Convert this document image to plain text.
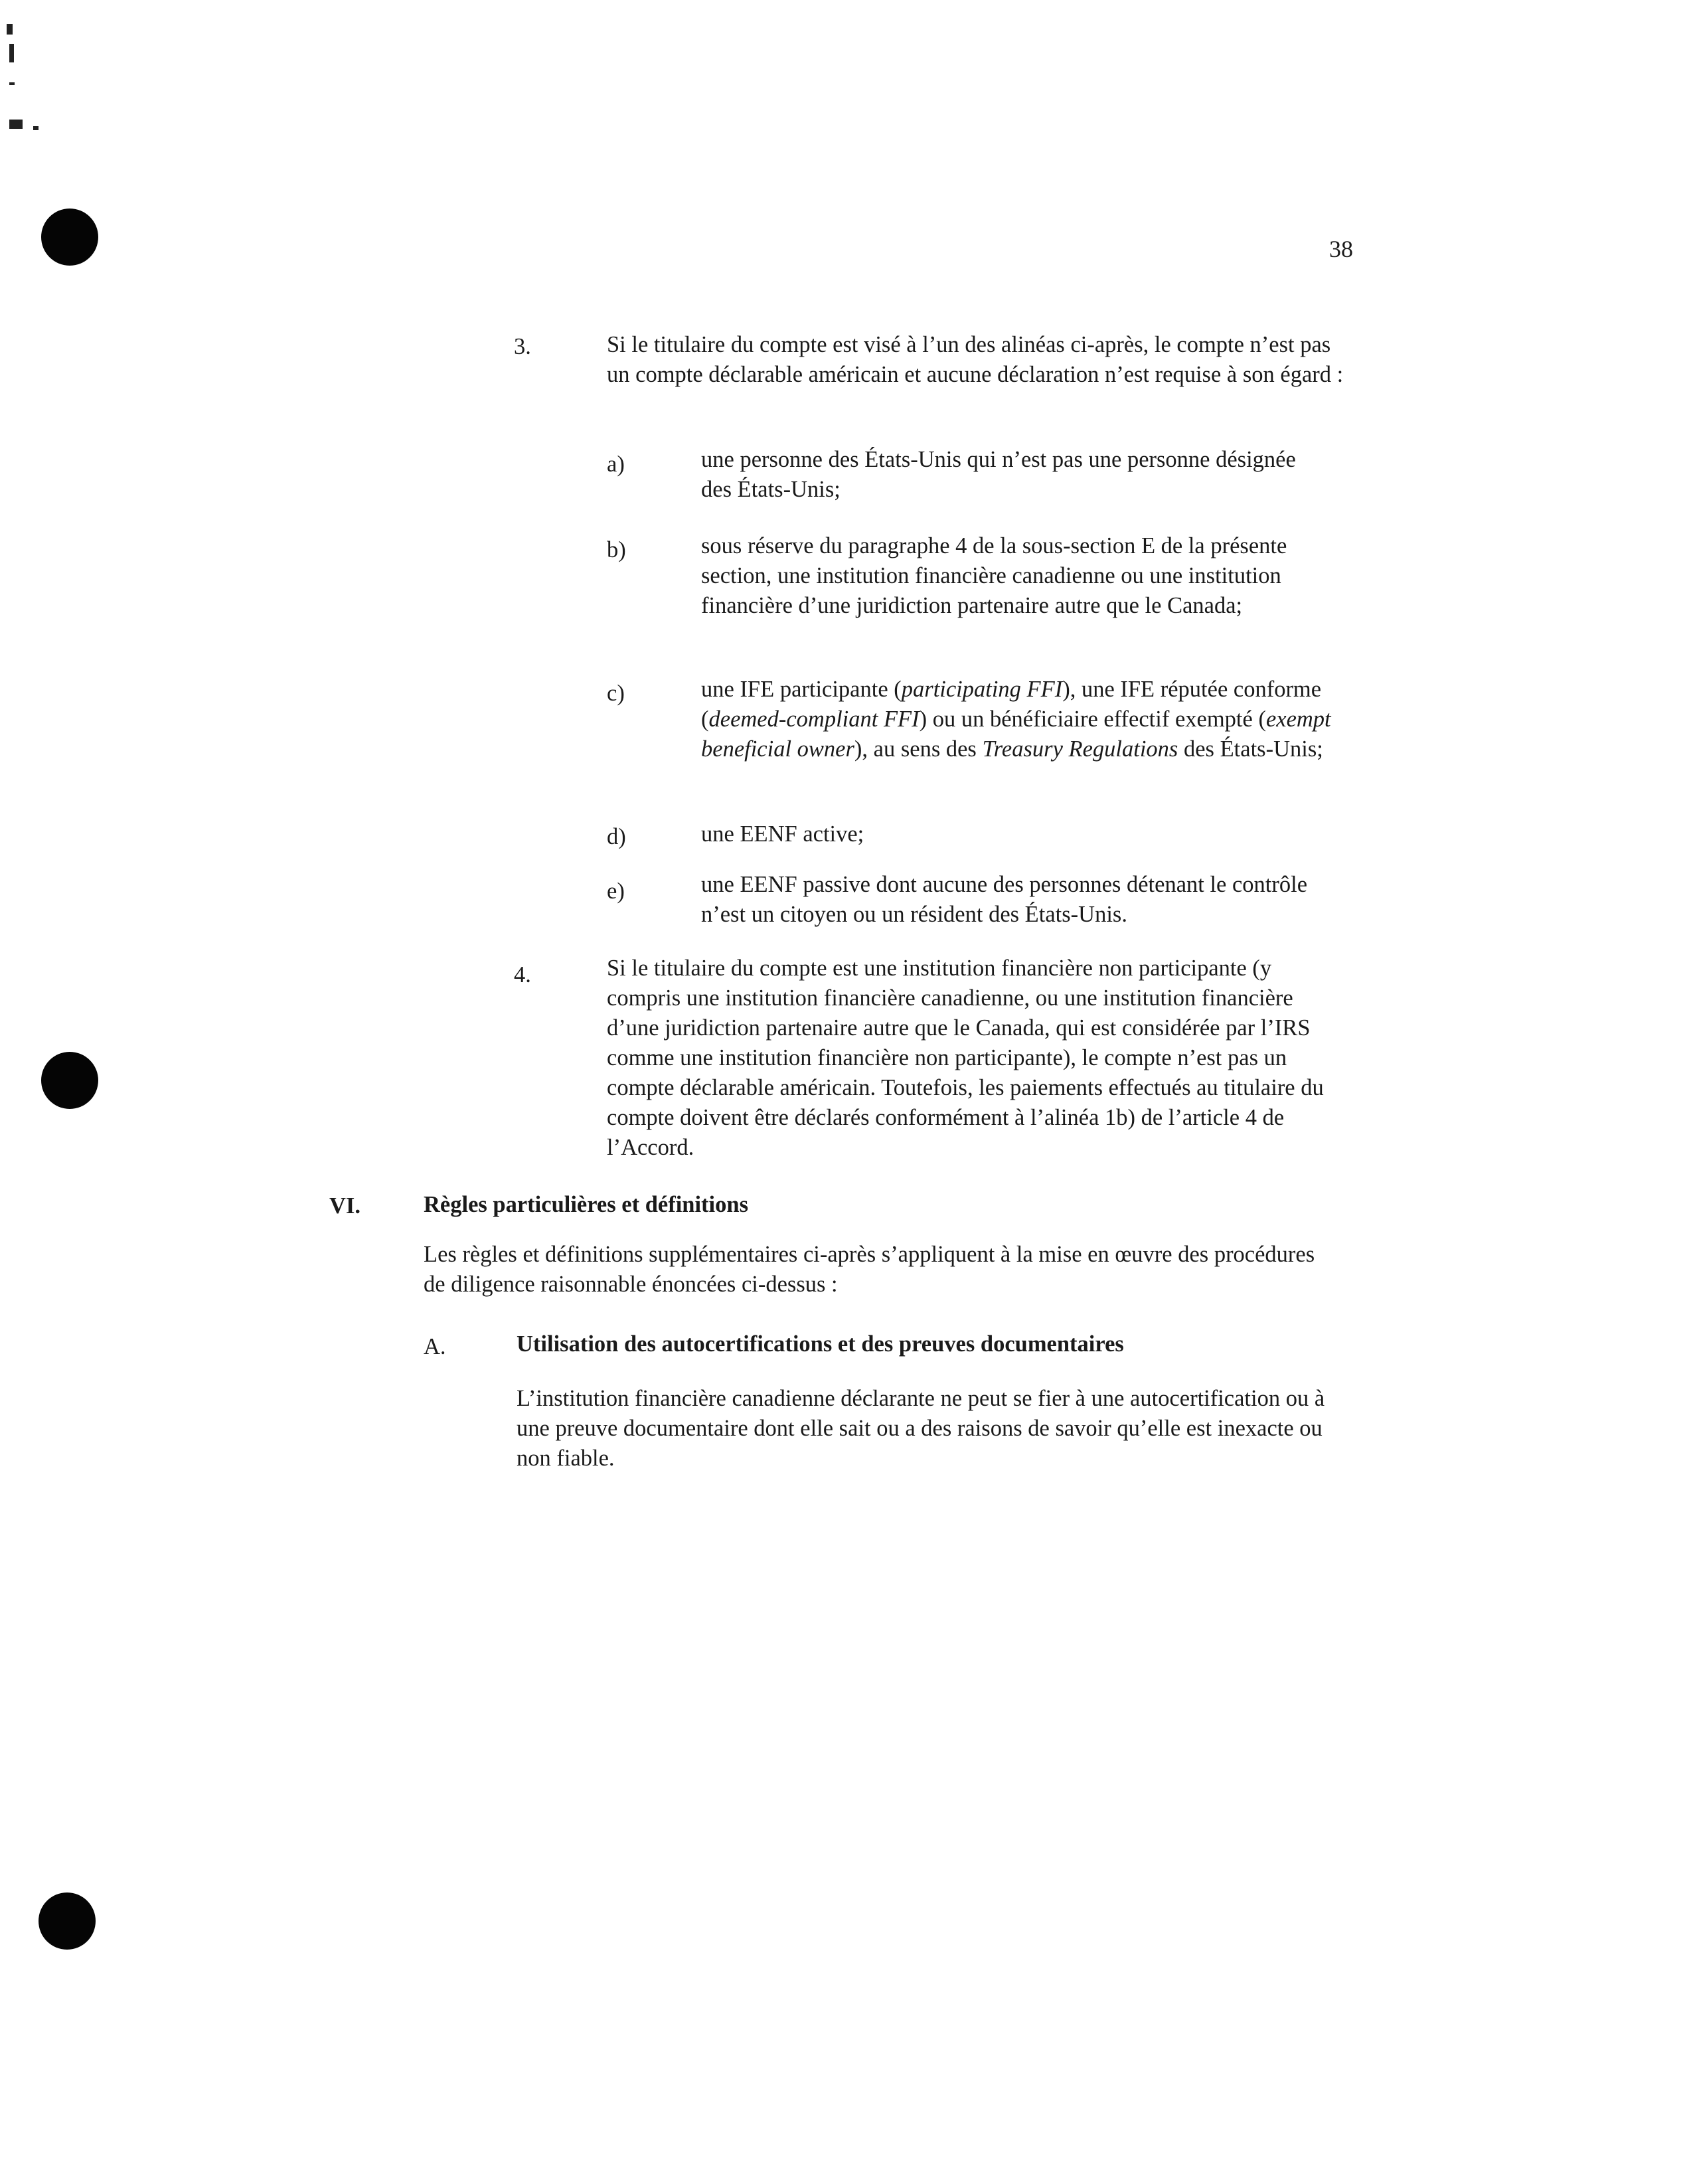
38
3.	Si le titulaire du compte est visé à l’un des alinéas ci-après, le compte n’est pas un compte déclarable américain et aucune déclaration n’est requise à son égard :

a)	une personne des États-Unis qui n’est pas une personne désignée des États-Unis;

b)	sous réserve du paragraphe 4 de la sous-section E de la présente section, une institution financière canadienne ou une institution financière d’une juridiction partenaire autre que le Canada;

c)	une IFE participante (participating FFI), une IFE réputée conforme (deemed-compliant FFI) ou un bénéficiaire effectif exempté (exempt beneficial owner), au sens des Treasury Regulations des États-Unis;

d)	une EENF active;

e)	une EENF passive dont aucune des personnes détenant le contrôle n’est un citoyen ou un résident des États-Unis.

4.	Si le titulaire du compte est une institution financière non participante (y compris une institution financière canadienne, ou une institution financière d’une juridiction partenaire autre que le Canada, qui est considérée par l’IRS comme une institution financière non participante), le compte n’est pas un compte déclarable américain. Toutefois, les paiements effectués au titulaire du compte doivent être déclarés conformément à l’alinéa 1b) de l’article 4 de l’Accord.

VI.	Règles particulières et définitions

Les règles et définitions supplémentaires ci-après s’appliquent à la mise en œuvre des procédures de diligence raisonnable énoncées ci-dessus :

A.	Utilisation des autocertifications et des preuves documentaires

L’institution financière canadienne déclarante ne peut se fier à une autocertification ou à une preuve documentaire dont elle sait ou a des raisons de savoir qu’elle est inexacte ou non fiable.
